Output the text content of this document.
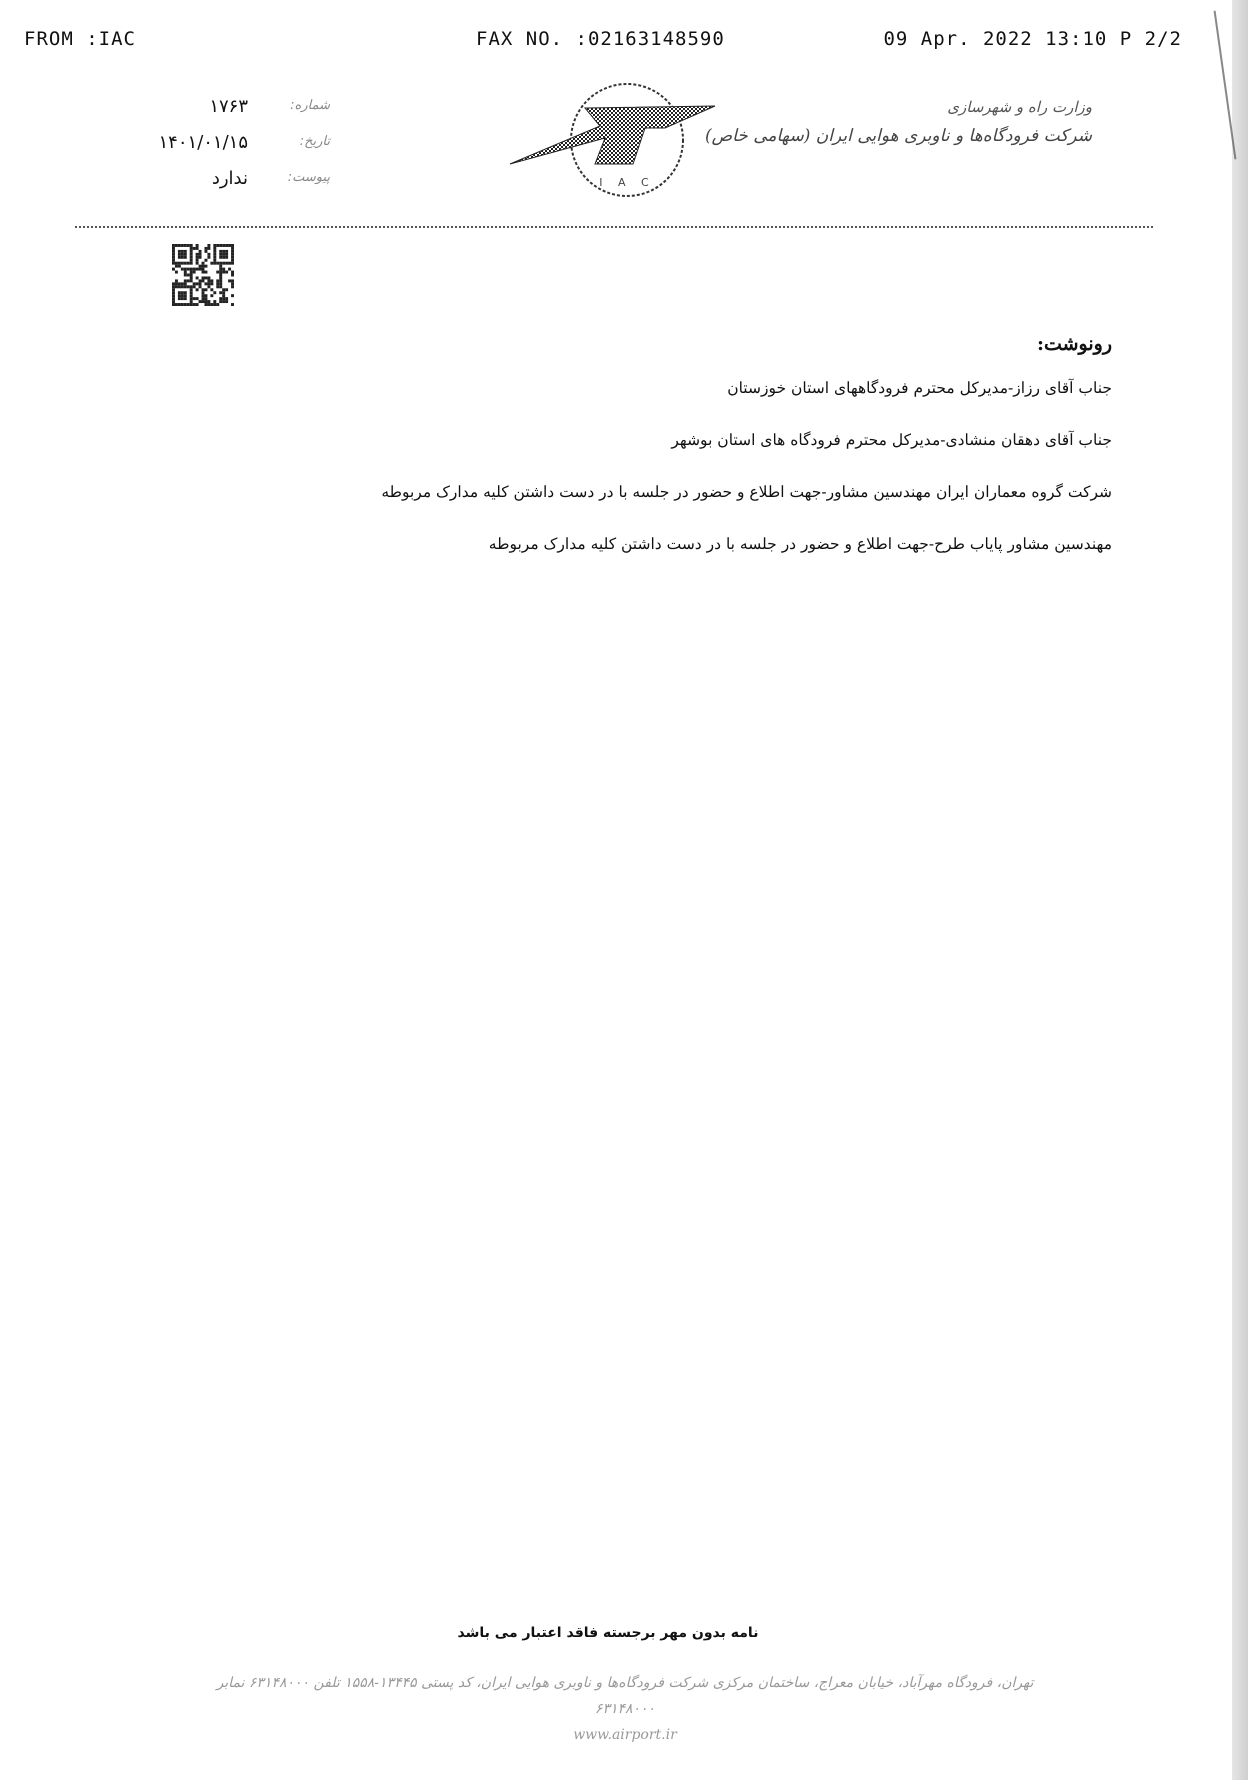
FROM :IAC	FAX NO. :02163148590	09 Apr. 2022 13:10 P 2/2
۱۷۶۳	شماره:
۱۴۰۱/۰۱/۱۵	تاریخ:
ندارد	پیوست:	I A C
وزارت راه و شهرسازی
شرکت فرودگاه‌ها و ناوبری هوایی ایران (سهامی خاص)
رونوشت:
جناب آقای رزاز-مدیرکل محترم فرودگاههای استان خوزستان
جناب آقای دهقان منشادی-مدیرکل محترم فرودگاه های استان بوشهر
شرکت گروه معماران ایران مهندسین مشاور-جهت اطلاع و حضور در جلسه با در دست داشتن کلیه مدارک مربوطه
مهندسین مشاور پایاب طرح-جهت اطلاع و حضور در جلسه با در دست داشتن کلیه مدارک مربوطه
نامه بدون مهر برجسته فاقد اعتبار می باشد
تهران، فرودگاه مهرآباد، خیابان معراج، ساختمان مرکزی شرکت فرودگاه‌ها و ناوبری هوایی ایران، کد پستی ۱۳۴۴۵-۱۵۵۸ تلفن ۶۳۱۴۸۰۰۰ نمابر ۶۳۱۴۸۰۰۰
www.airport.ir
